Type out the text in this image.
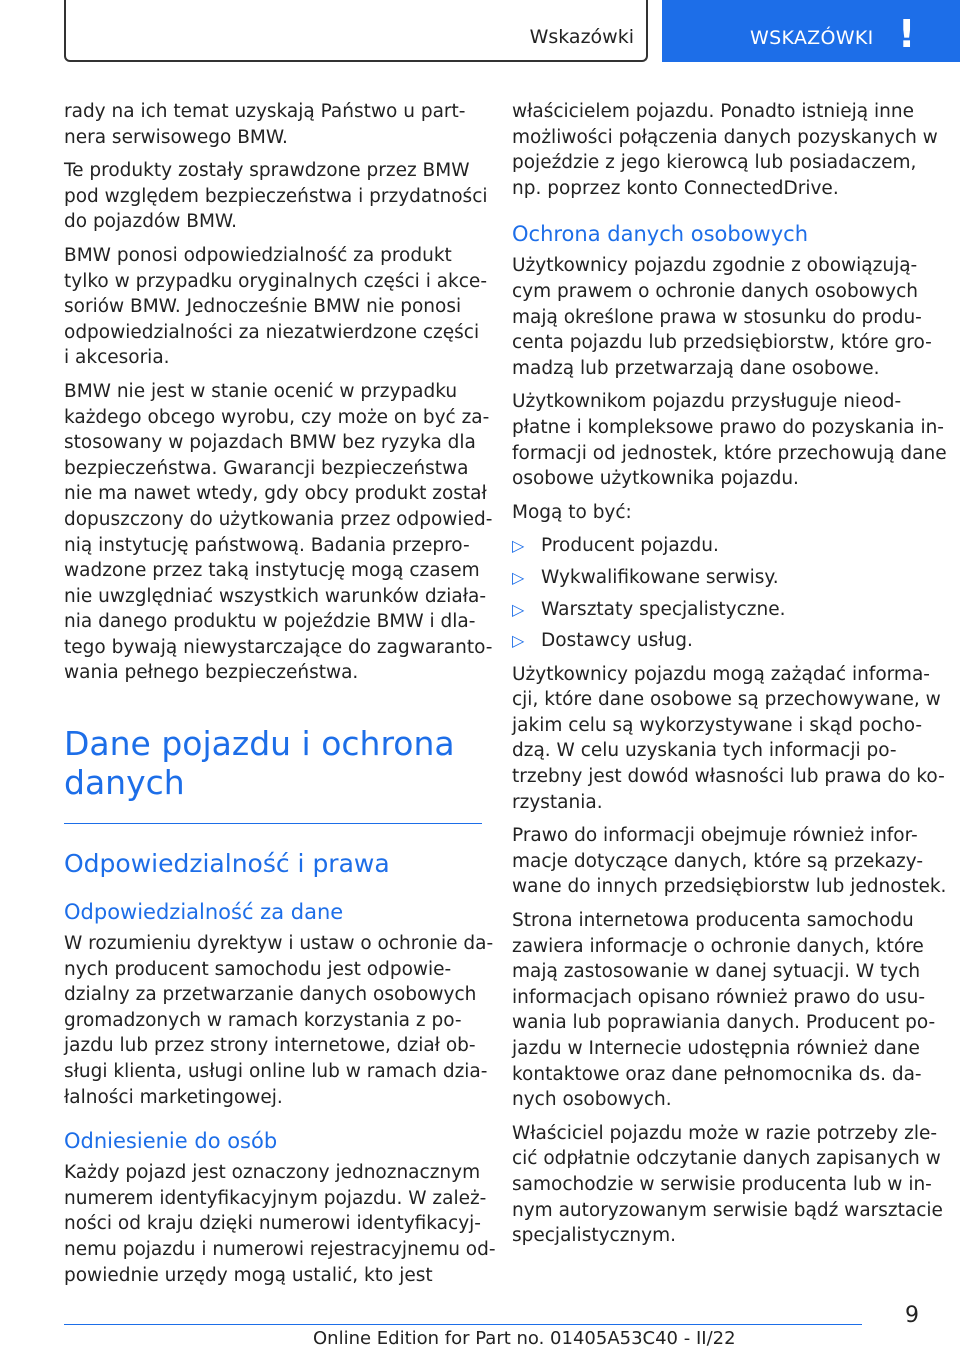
Wskazówki	WSKAZÓWKI !

rady na ich temat uzyskają Państwo u part-
nera serwisowego BMW.

Te produkty zostały sprawdzone przez BMW
pod względem bezpieczeństwa i przydatności
do pojazdów BMW.

BMW ponosi odpowiedzialność za produkt
tylko w przypadku oryginalnych części i akce-
soriów BMW. Jednocześnie BMW nie ponosi
odpowiedzialności za niezatwierdzone części
i akcesoria.

BMW nie jest w stanie ocenić w przypadku
każdego obcego wyrobu, czy może on być za-
stosowany w pojazdach BMW bez ryzyka dla
bezpieczeństwa. Gwarancji bezpieczeństwa
nie ma nawet wtedy, gdy obcy produkt został
dopuszczony do użytkowania przez odpowied-
nią instytucję państwową. Badania przepro-
wadzone przez taką instytucję mogą czasem
nie uwzględniać wszystkich warunków działa-
nia danego produktu w pojeździe BMW i dla-
tego bywają niewystarczające do zagwaranto-
wania pełnego bezpieczeństwa.

Dane pojazdu i ochrona
danych
Odpowiedzialność i prawa
Odpowiedzialność za dane

W rozumieniu dyrektyw i ustaw o ochronie da-
nych producent samochodu jest odpowie-
dzialny za przetwarzanie danych osobowych
gromadzonych w ramach korzystania z po-
jazdu lub przez strony internetowe, dział ob-
sługi klienta, usługi online lub w ramach dzia-
łalności marketingowej.

Odniesienie do osób

Każdy pojazd jest oznaczony jednoznacznym
numerem identyfikacyjnym pojazdu. W zależ-
ności od kraju dzięki numerowi identyfikacyj-
nemu pojazdu i numerowi rejestracyjnemu od-
powiednie urzędy mogą ustalić, kto jest

właścicielem pojazdu. Ponadto istnieją inne
możliwości połączenia danych pozyskanych w
pojeździe z jego kierowcą lub posiadaczem,
np. poprzez konto ConnectedDrive.

Ochrona danych osobowych

Użytkownicy pojazdu zgodnie z obowiązują-
cym prawem o ochronie danych osobowych
mają określone prawa w stosunku do produ-
centa pojazdu lub przedsiębiorstw, które gro-
madzą lub przetwarzają dane osobowe.

Użytkownikom pojazdu przysługuje nieod-
płatne i kompleksowe prawo do pozyskania in-
formacji od jednostek, które przechowują dane
osobowe użytkownika pojazdu.

Mogą to być:

▷ Producent pojazdu.
▷ Wykwalifikowane serwisy.
▷ Warsztaty specjalistyczne.
▷ Dostawcy usług.

Użytkownicy pojazdu mogą zażądać informa-
cji, które dane osobowe są przechowywane, w
jakim celu są wykorzystywane i skąd pocho-
dzą. W celu uzyskania tych informacji po-
trzebny jest dowód własności lub prawa do ko-
rzystania.

Prawo do informacji obejmuje również infor-
macje dotyczące danych, które są przekazy-
wane do innych przedsiębiorstw lub jednostek.

Strona internetowa producenta samochodu
zawiera informacje o ochronie danych, które
mają zastosowanie w danej sytuacji. W tych
informacjach opisano również prawo do usu-
wania lub poprawiania danych. Producent po-
jazdu w Internecie udostępnia również dane
kontaktowe oraz dane pełnomocnika ds. da-
nych osobowych.

Właściciel pojazdu może w razie potrzeby zle-
cić odpłatnie odczytanie danych zapisanych w
samochodzie w serwisie producenta lub w in-
nym autoryzowanym serwisie bądź warsztacie
specjalistycznym.

9
Online Edition for Part no. 01405A53C40 - II/22
